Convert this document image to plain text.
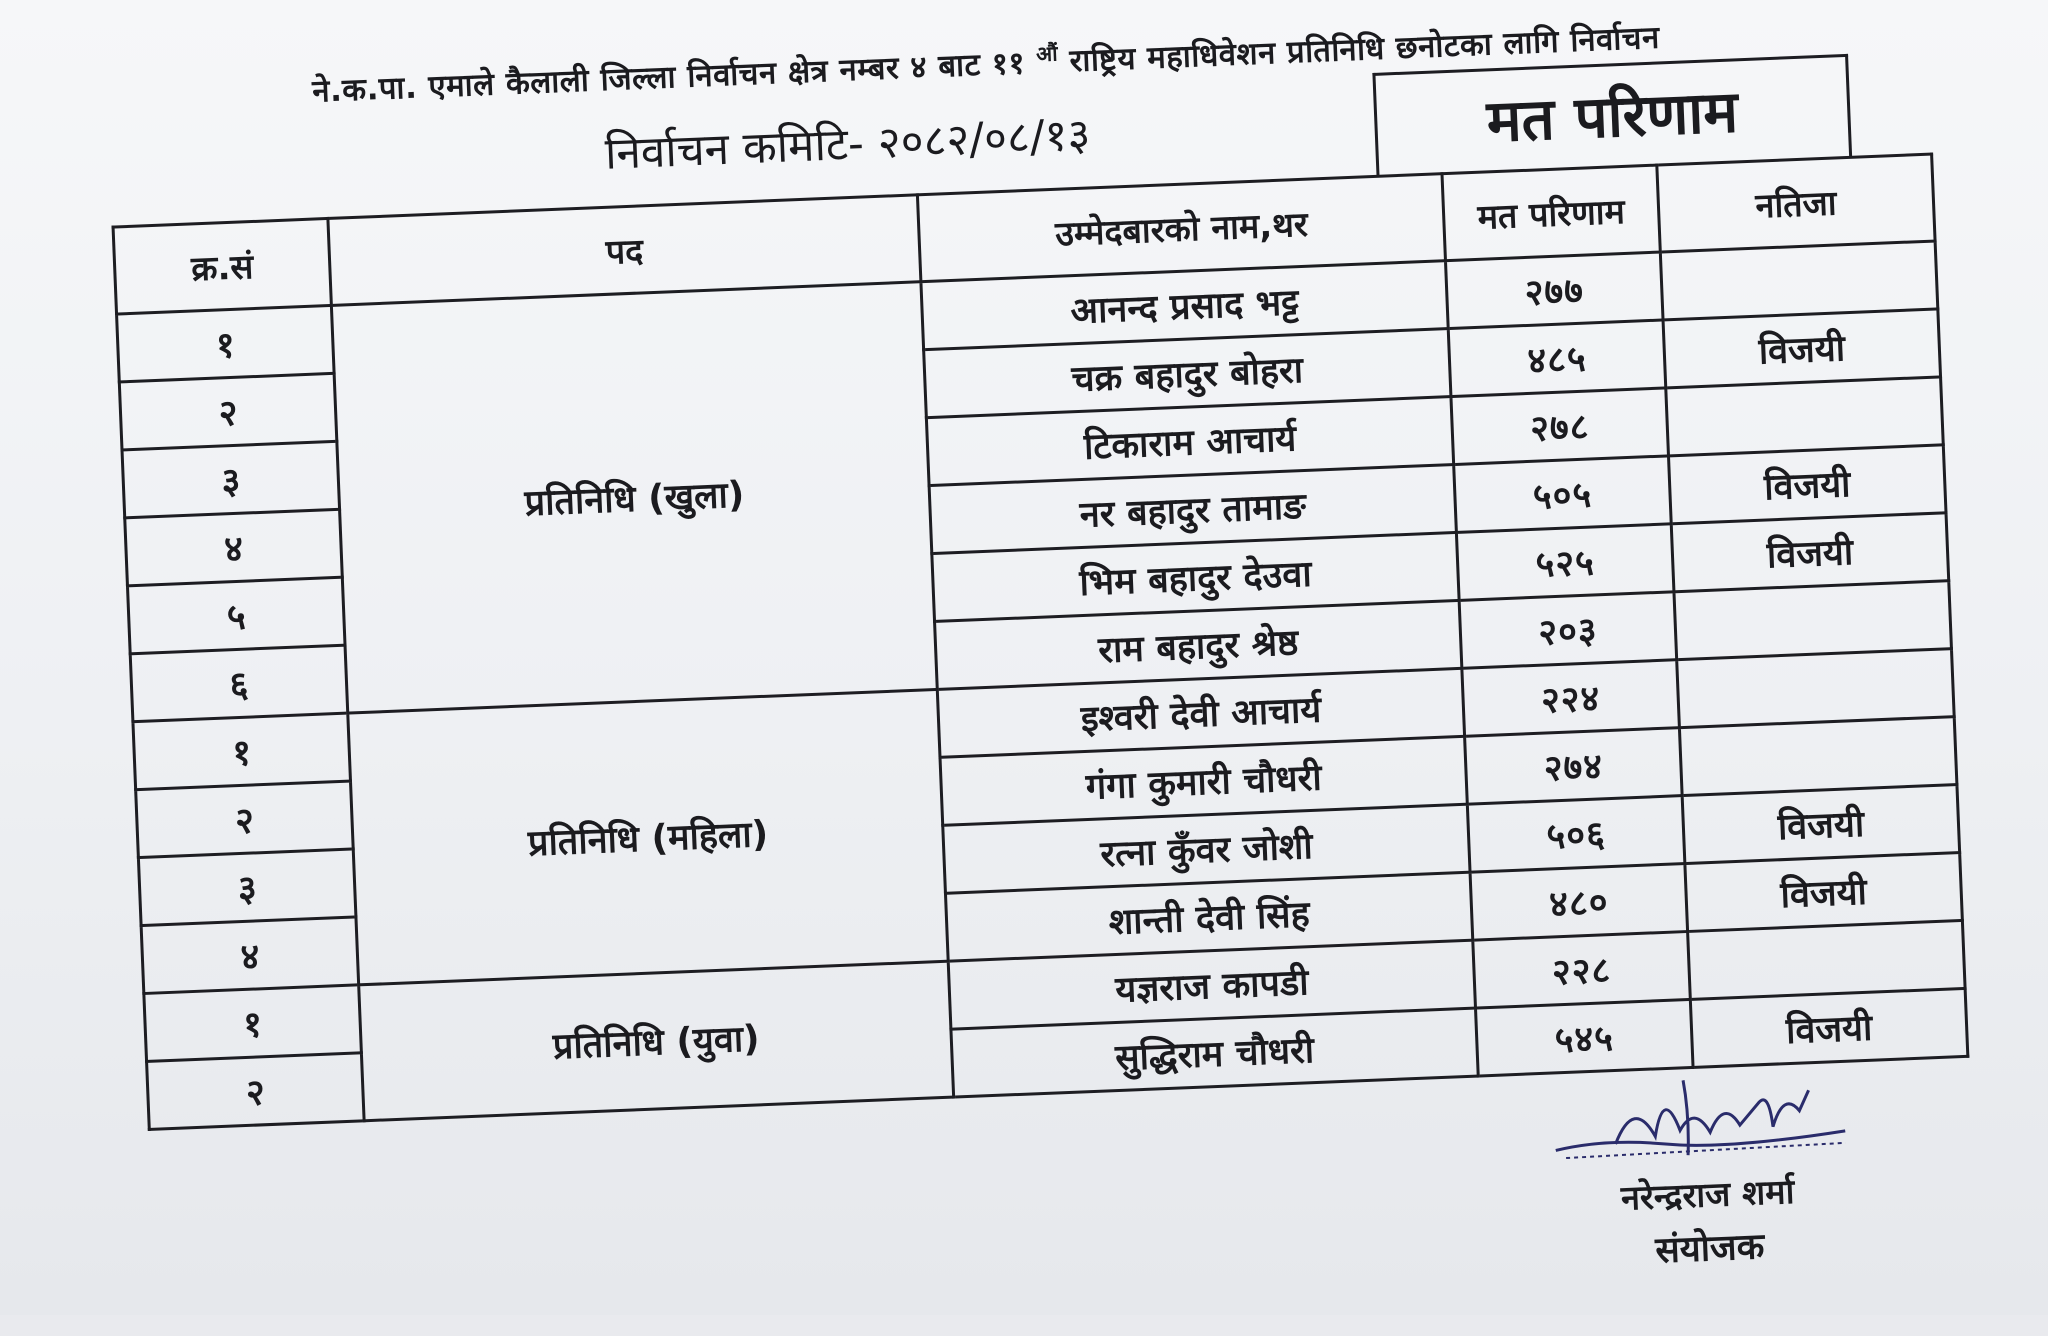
ने.क.पा. एमाले कैलाली जिल्ला निर्वाचन क्षेत्र नम्बर ४ बाट ११ $^{औं}$ राष्ट्रिय महाधिवेशन प्रतिनिधि छनोटका लागि निर्वाचन
निर्वाचन कमिटि- २०८२/०८/१३	मत परिणाम
क्र.सं	पद	उम्मेदबारको नाम,थर	मत परिणाम	नतिजा
१	प्रतिनिधि (खुला)	आनन्द प्रसाद भट्ट	२७७	
२		चक्र बहादुर बोहरा	४८५	विजयी
३		टिकाराम आचार्य	२७८	
४		नर बहादुर तामाङ	५०५	विजयी
५		भिम बहादुर देउवा	५२५	विजयी
६		राम बहादुर श्रेष्ठ	२०३	
१	प्रतिनिधि (महिला)	इश्वरी देवी आचार्य	२२४	
२		गंगा कुमारी चौधरी	२७४	
३		रत्ना कुँवर जोशी	५०६	विजयी
४		शान्ती देवी सिंह	४८०	विजयी
१	प्रतिनिधि (युवा)	यज्ञराज कापडी	२२८	
२		सुद्धिराम चौधरी	५४५	विजयी
नरेन्द्रराज शर्मा
संयोजक
